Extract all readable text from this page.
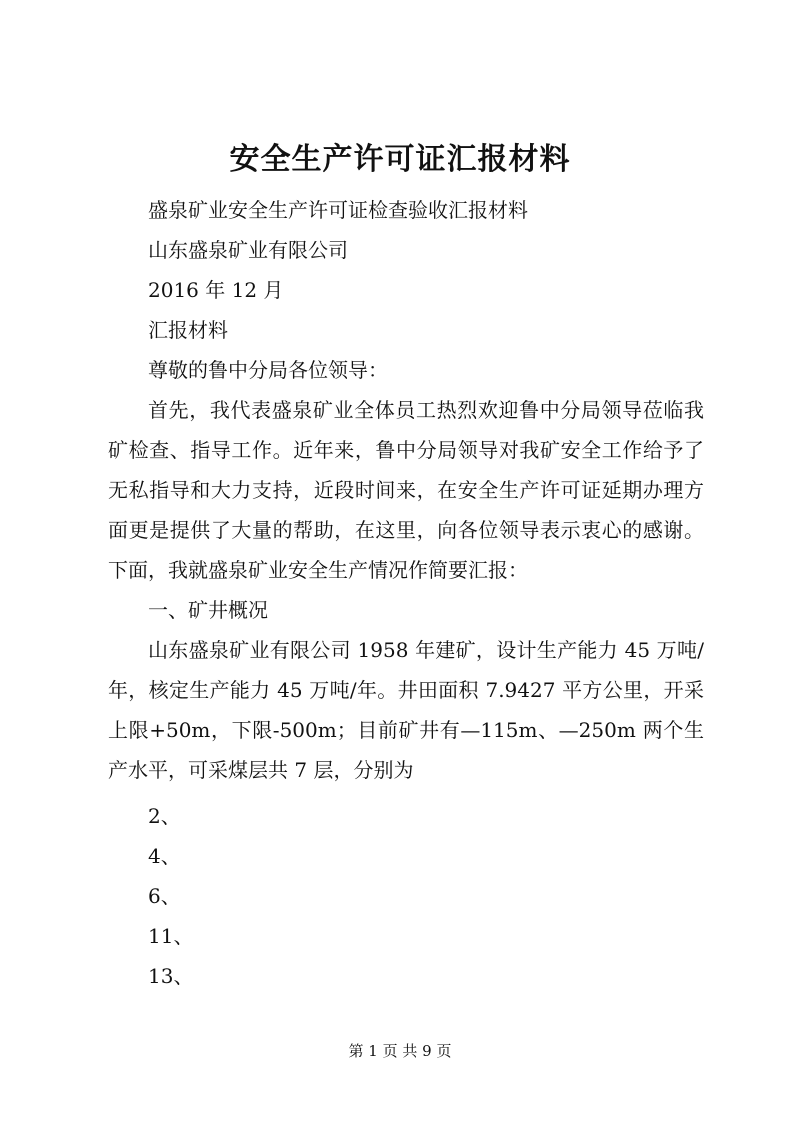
安全生产许可证汇报材料
盛泉矿业安全生产许可证检查验收汇报材料
山东盛泉矿业有限公司
2016 年 12 月
汇报材料
尊敬的鲁中分局各位领导：
首先，我代表盛泉矿业全体员工热烈欢迎鲁中分局领导莅临我矿检查、指导工作。近年来，鲁中分局领导对我矿安全工作给予了无私指导和大力支持，近段时间来，在安全生产许可证延期办理方面更是提供了大量的帮助，在这里，向各位领导表示衷心的感谢。下面，我就盛泉矿业安全生产情况作简要汇报：
一、矿井概况
山东盛泉矿业有限公司 1958 年建矿，设计生产能力 45 万吨/年，核定生产能力 45 万吨/年。井田面积 7.9427 平方公里，开采上限+50m，下限-500m；目前矿井有—115m、—250m 两个生产水平，可采煤层共 7 层，分别为
2、
4、
6、
11、
13、
第 1 页 共 9 页
